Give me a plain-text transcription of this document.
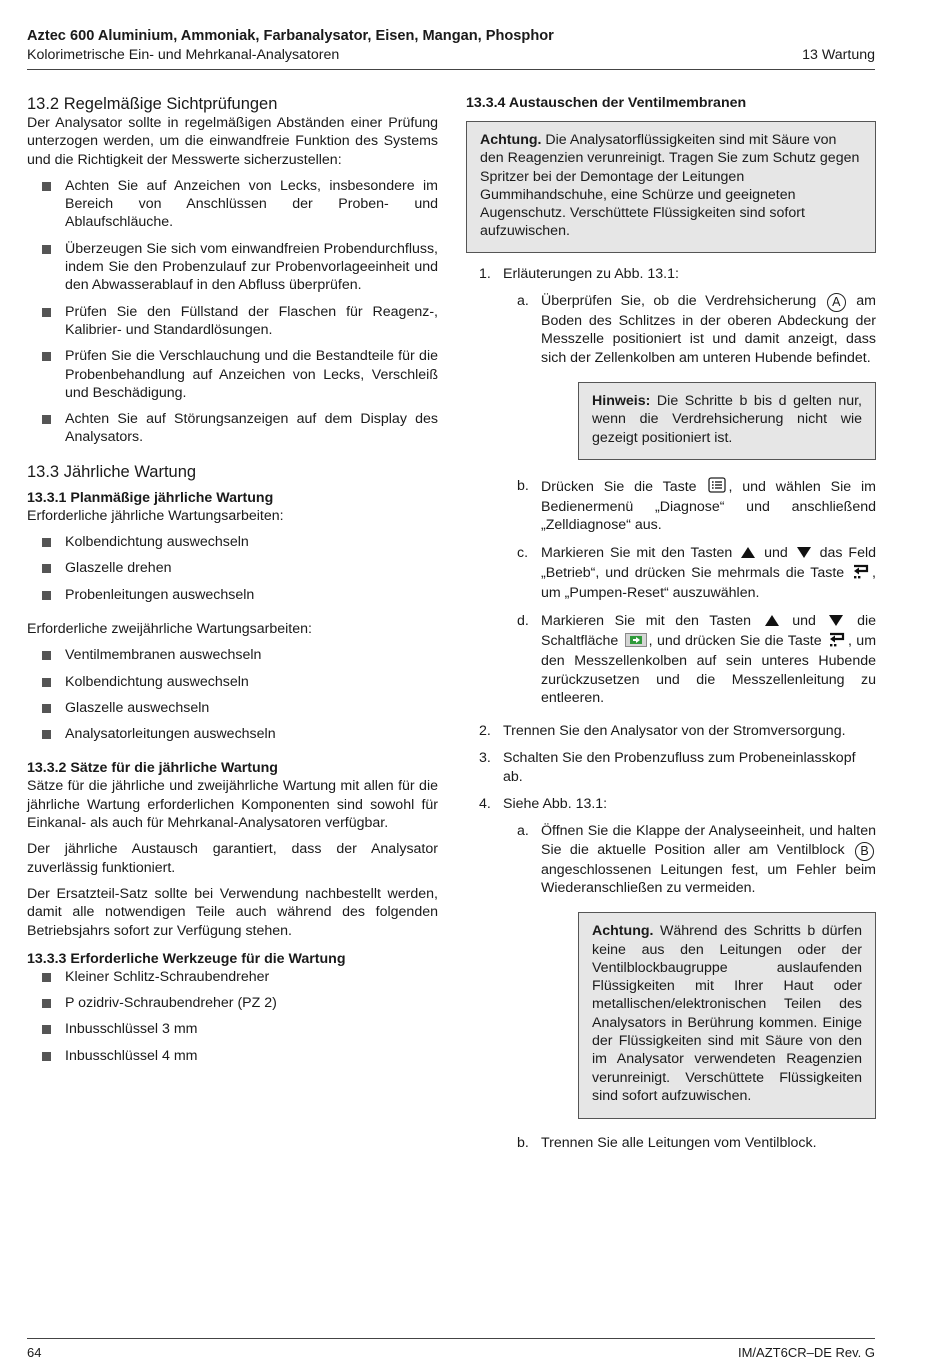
Aztec 600 Aluminium, Ammoniak, Farbanalysator, Eisen, Mangan, Phosphor
Kolorimetrische Ein- und Mehrkanal-Analysatoren	13 Wartung
13.2 Regelmäßige Sichtprüfungen

Der Analysator sollte in regelmäßigen Abständen einer Prüfung unterzogen werden, um die einwandfreie Funktion des Systems und die Richtigkeit der Messwerte sicherzustellen:

Achten Sie auf Anzeichen von Lecks, insbesondere im Bereich von Anschlüssen der Proben- und Ablaufschläuche.
Überzeugen Sie sich vom einwandfreien Probendurchfluss, indem Sie den Probenzulauf zur Probenvorlageeinheit und den Abwasserablauf in den Abfluss überprüfen.
Prüfen Sie den Füllstand der Flaschen für Reagenz-, Kalibrier- und Standardlösungen.
Prüfen Sie die Verschlauchung und die Bestandteile für die Probenbehandlung auf Anzeichen von Lecks, Verschleiß und Beschädigung.
Achten Sie auf Störungsanzeigen auf dem Display des Analysators.
13.3 Jährliche Wartung
13.3.1 Planmäßige jährliche Wartung

Erforderliche jährliche Wartungsarbeiten:

Kolbendichtung auswechseln
Glaszelle drehen
Probenleitungen auswechseln

Erforderliche zweijährliche Wartungsarbeiten:

Ventilmembranen auswechseln
Kolbendichtung auswechseln
Glaszelle auswechseln
Analysatorleitungen auswechseln
13.3.2 Sätze für die jährliche Wartung

Sätze für die jährliche und zweijährliche Wartung mit allen für die jährliche Wartung erforderlichen Komponenten sind sowohl für Einkanal- als auch für Mehrkanal-Analysatoren verfügbar.

Der jährliche Austausch garantiert, dass der Analysator zuverlässig funktioniert.

Der Ersatzteil-Satz sollte bei Verwendung nachbestellt werden, damit alle notwendigen Teile auch während des folgenden Betriebsjahrs sofort zur Verfügung stehen.

13.3.3 Erforderliche Werkzeuge für die Wartung
Kleiner Schlitz-Schraubendreher
P ozidriv-Schraubendreher (PZ 2)
Inbusschlüssel 3 mm
Inbusschlüssel 4 mm
13.3.4 Austauschen der Ventilmembranen
Achtung. Die Analysatorflüssigkeiten sind mit Säure von den Reagenzien verunreinigt. Tragen Sie zum Schutz gegen Spritzer bei der Demontage der Leitungen Gummihandschuhe, eine Schürze und geeigneten Augenschutz. Verschüttete Flüssigkeiten sind sofort aufzuwischen.
1. Erläuterungen zu Abb. 13.1:
a. Überprüfen Sie, ob die Verdrehsicherung A am Boden des Schlitzes in der oberen Abdeckung der Messzelle positioniert ist und damit anzeigt, dass sich der Zellenkolben am unteren Hubende befindet.
Hinweis: Die Schritte b bis d gelten nur, wenn die Verdrehsicherung nicht wie gezeigt positioniert ist.
b. Drücken Sie die Taste , und wählen Sie im Bedienermenü „Diagnose“ und anschließend „Zelldiagnose“ aus.
c. Markieren Sie mit den Tasten  und  das Feld „Betrieb“, und drücken Sie mehrmals die Taste , um „Pumpen-Reset“ auszuwählen.
d. Markieren Sie mit den Tasten  und  die Schaltfläche , und drücken Sie die Taste , um den Messzellenkolben auf sein unteres Hubende zurückzusetzen und die Messzellenleitung zu entleeren.
2. Trennen Sie den Analysator von der Stromversorgung.
3. Schalten Sie den Probenzufluss zum Probeneinlasskopf ab.
4. Siehe Abb. 13.1:
a. Öffnen Sie die Klappe der Analyseeinheit, und halten Sie die aktuelle Position aller am Ventilblock B angeschlossenen Leitungen fest, um Fehler beim Wiederanschließen zu vermeiden.
Achtung. Während des Schritts b dürfen keine aus den Leitungen oder der Ventilblockbaugruppe auslaufenden Flüssigkeiten mit Ihrer Haut oder metallischen/elektronischen Teilen des Analysators in Berührung kommen. Einige der Flüssigkeiten sind mit Säure von den im Analysator verwendeten Reagenzien verunreinigt. Verschüttete Flüssigkeiten sind sofort aufzuwischen.
b. Trennen Sie alle Leitungen vom Ventilblock.
64	IM/AZT6CR–DE Rev. G
